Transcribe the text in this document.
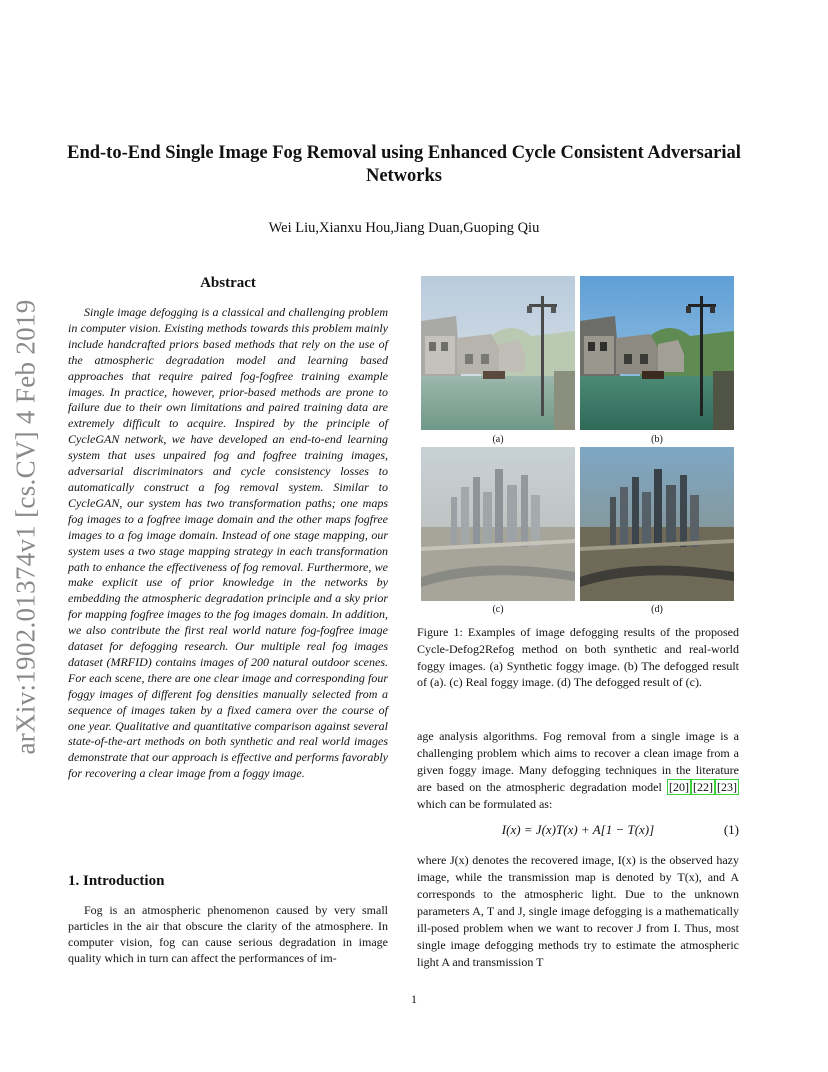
End-to-End Single Image Fog Removal using Enhanced Cycle Consistent Adversarial Networks
Wei Liu,Xianxu Hou,Jiang Duan,Guoping Qiu
arXiv:1902.01374v1 [cs.CV] 4 Feb 2019
Abstract

Single image defogging is a classical and challenging problem in computer vision. Existing methods towards this problem mainly include handcrafted priors based methods that rely on the use of the atmospheric degradation model and learning based approaches that require paired fog-fogfree training example images. In practice, however, prior-based methods are prone to failure due to their own limitations and paired training data are extremely difficult to acquire. Inspired by the principle of CycleGAN network, we have developed an end-to-end learning system that uses unpaired fog and fogfree training images, adversarial discriminators and cycle consistency losses to automatically construct a fog removal system. Similar to CycleGAN, our system has two transformation paths; one maps fog images to a fogfree image domain and the other maps fogfree images to a fog image domain. Instead of one stage mapping, our system uses a two stage mapping strategy in each transformation path to enhance the effectiveness of fog removal. Furthermore, we make explicit use of prior knowledge in the networks by embedding the atmospheric degradation principle and a sky prior for mapping fogfree images to the fog images domain. In addition, we also contribute the first real world nature fog-fogfree image dataset for defogging research. Our multiple real fog images dataset (MRFID) contains images of 200 natural outdoor scenes. For each scene, there are one clear image and corresponding four foggy images of different fog densities manually selected from a sequence of images taken by a fixed camera over the course of one year. Qualitative and quantitative comparison against several state-of-the-art methods on both synthetic and real world images demonstrate that our approach is effective and performs favorably for recovering a clear image from a foggy image.

1. Introduction

Fog is an atmospheric phenomenon caused by very small particles in the air that obscure the clarity of the atmosphere. In computer vision, fog can cause serious degradation in image quality which in turn can affect the performances of im-

(a)	(b)
(c)	(d)

Figure 1: Examples of image defogging results of the proposed Cycle-Defog2Refog method on both synthetic and real-world foggy images. (a) Synthetic foggy image. (b) The defogged result of (a). (c) Real foggy image. (d) The defogged result of (c).

age analysis algorithms. Fog removal from a single image is a challenging problem which aims to recover a clean image from a given foggy image. Many defogging techniques in the literature are based on the atmospheric degradation model [20] [22] [23] which can be formulated as:

I(x) = J(x)T(x) + A[1 − T(x)]	(1)

where J(x) denotes the recovered image, I(x) is the observed hazy image, while the transmission map is denoted by T(x), and A corresponds to the atmospheric light. Due to the unknown parameters A, T and J, single image defogging is a mathematically ill-posed problem when we want to recover J from I. Thus, most single image defogging methods try to estimate the atmospheric light A and transmission T

1
